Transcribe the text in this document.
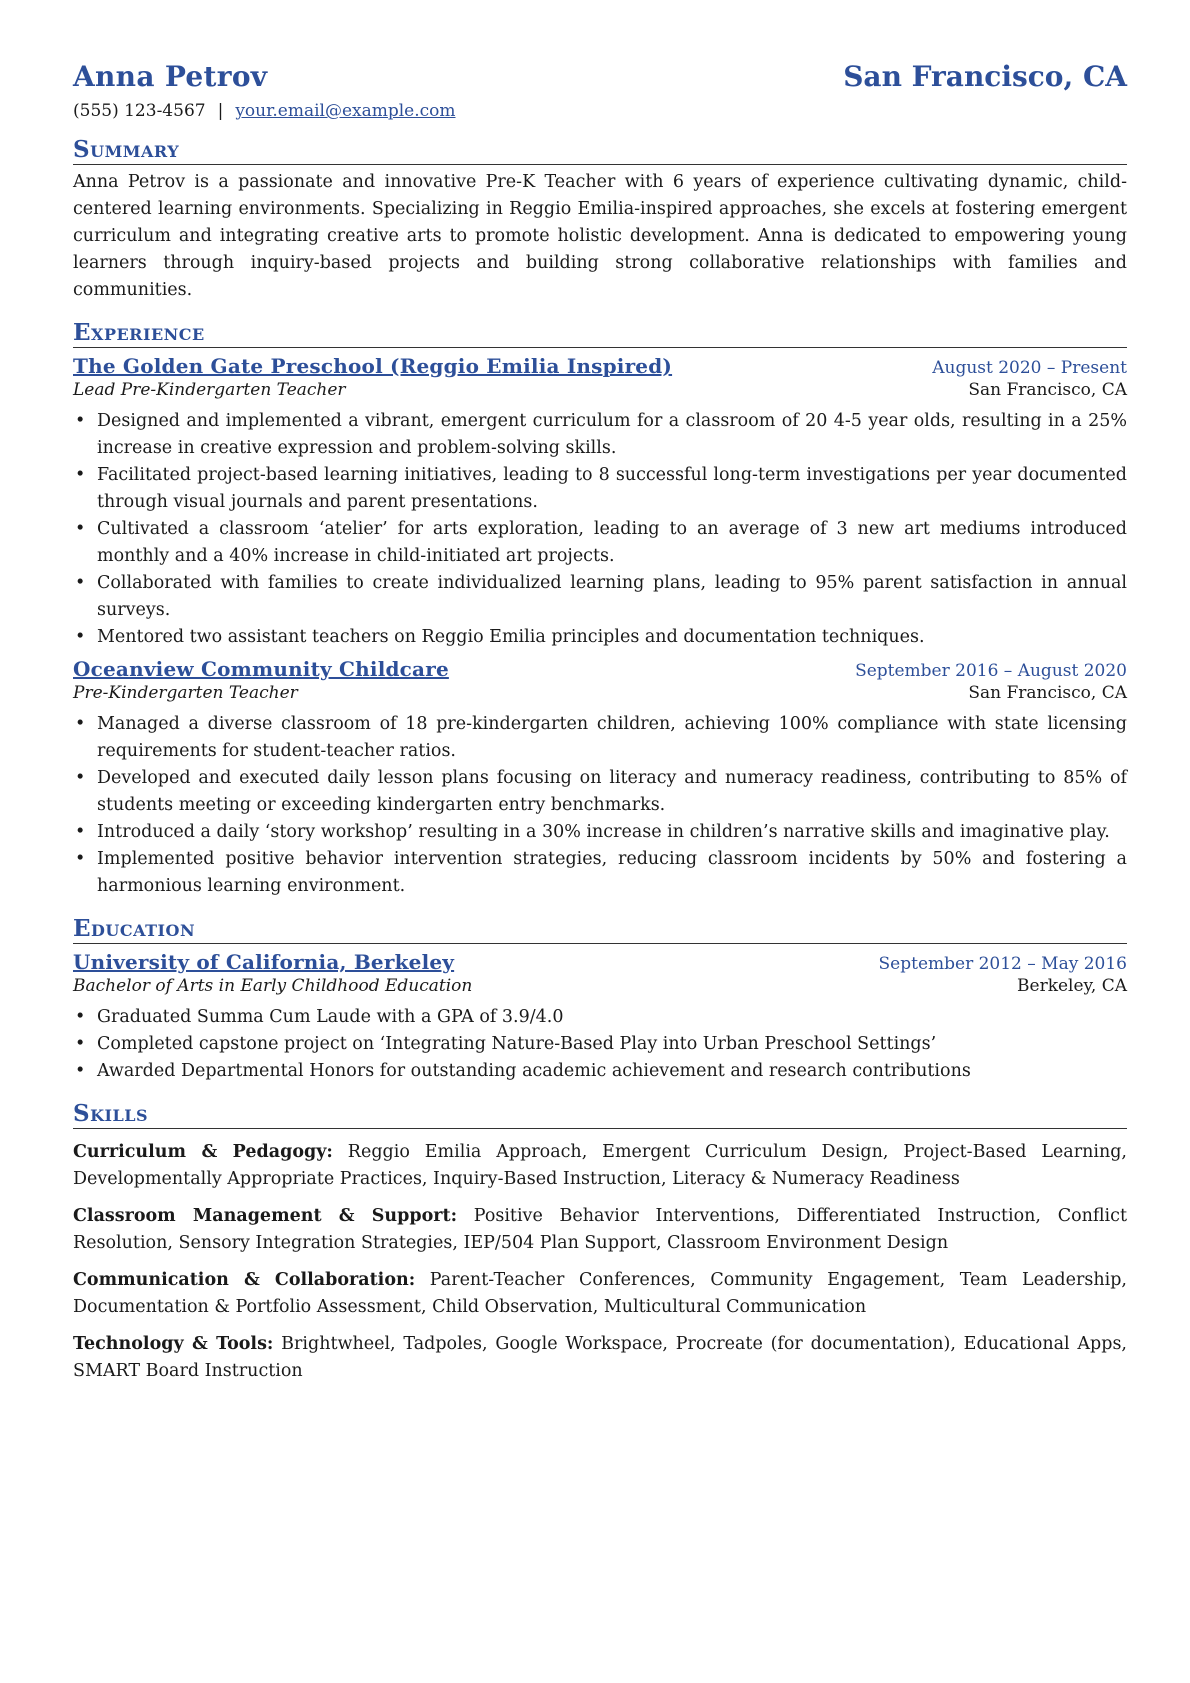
Anna Petrov	San Francisco, CA
(555) 123-4567 | your.email@example.com
Summary
Anna Petrov is a passionate and innovative Pre-K Teacher with 6 years of experience cultivating dynamic, child-centered learning environments. Specializing in Reggio Emilia-inspired approaches, she excels at fostering emergent curriculum and integrating creative arts to promote holistic development. Anna is dedicated to empowering young learners through inquiry-based projects and building strong collaborative relationships with families and communities.
Experience
The Golden Gate Preschool (Reggio Emilia Inspired)	August 2020 – Present
Lead Pre-Kindergarten Teacher	San Francisco, CA
• Designed and implemented a vibrant, emergent curriculum for a classroom of 20 4-5 year olds, resulting in a 25% increase in creative expression and problem-solving skills.
• Facilitated project-based learning initiatives, leading to 8 successful long-term investigations per year documented through visual journals and parent presentations.
• Cultivated a classroom ‘atelier’ for arts exploration, leading to an average of 3 new art mediums introduced monthly and a 40% increase in child-initiated art projects.
• Collaborated with families to create individualized learning plans, leading to 95% parent satisfaction in annual surveys.
• Mentored two assistant teachers on Reggio Emilia principles and documentation techniques.
Oceanview Community Childcare	September 2016 – August 2020
Pre-Kindergarten Teacher	San Francisco, CA
• Managed a diverse classroom of 18 pre-kindergarten children, achieving 100% compliance with state licensing requirements for student-teacher ratios.
• Developed and executed daily lesson plans focusing on literacy and numeracy readiness, contributing to 85% of students meeting or exceeding kindergarten entry benchmarks.
• Introduced a daily ‘story workshop’ resulting in a 30% increase in children’s narrative skills and imaginative play.
• Implemented positive behavior intervention strategies, reducing classroom incidents by 50% and fostering a harmonious learning environment.
Education
University of California, Berkeley	September 2012 – May 2016
Bachelor of Arts in Early Childhood Education	Berkeley, CA
• Graduated Summa Cum Laude with a GPA of 3.9/4.0
• Completed capstone project on ‘Integrating Nature-Based Play into Urban Preschool Settings’
• Awarded Departmental Honors for outstanding academic achievement and research contributions
Skills
Curriculum & Pedagogy: Reggio Emilia Approach, Emergent Curriculum Design, Project-Based Learning, Developmentally Appropriate Practices, Inquiry-Based Instruction, Literacy & Numeracy Readiness
Classroom Management & Support: Positive Behavior Interventions, Differentiated Instruction, Conflict Resolution, Sensory Integration Strategies, IEP/504 Plan Support, Classroom Environment Design
Communication & Collaboration: Parent-Teacher Conferences, Community Engagement, Team Leadership, Documentation & Portfolio Assessment, Child Observation, Multicultural Communication
Technology & Tools: Brightwheel, Tadpoles, Google Workspace, Procreate (for documentation), Educational Apps, SMART Board Instruction
